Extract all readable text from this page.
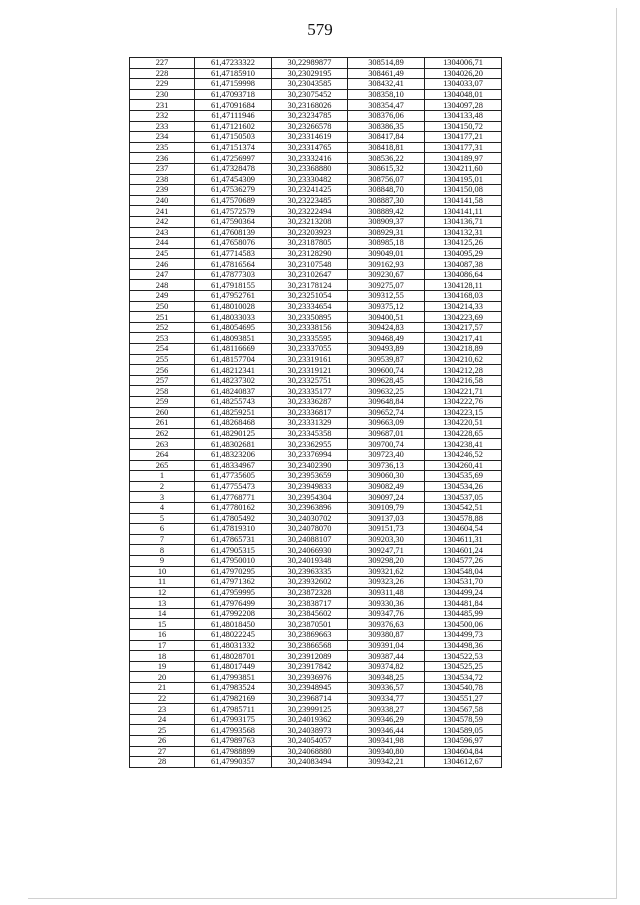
579
227	61,47233322	30,22989877	308514,89	1304006,71
228	61,47185910	30,23029195	308461,49	1304026,20
229	61,47159998	30,23043585	308432,41	1304033,07
230	61,47093718	30,23075452	308358,10	1304048,01
231	61,47091684	30,23168026	308354,47	1304097,28
232	61,47111946	30,23234785	308376,06	1304133,48
233	61,47121602	30,23266578	308386,35	1304150,72
234	61,47150503	30,23314619	308417,84	1304177,21
235	61,47151374	30,23314765	308418,81	1304177,31
236	61,47256997	30,23332416	308536,22	1304189,97
237	61,47328478	30,23368880	308615,32	1304211,60
238	61,47454309	30,23330482	308756,07	1304195,01
239	61,47536279	30,23241425	308848,70	1304150,08
240	61,47570689	30,23223485	308887,30	1304141,58
241	61,47572579	30,23222494	308889,42	1304141,11
242	61,47590364	30,23213208	308909,37	1304136,71
243	61,47608139	30,23203923	308929,31	1304132,31
244	61,47658076	30,23187805	308985,18	1304125,26
245	61,47714583	30,23128290	309049,01	1304095,29
246	61,47816564	30,23107548	309162,93	1304087,38
247	61,47877303	30,23102647	309230,67	1304086,64
248	61,47918155	30,23178124	309275,07	1304128,11
249	61,47952761	30,23251054	309312,55	1304168,03
250	61,48010028	30,23334654	309375,12	1304214,33
251	61,48033033	30,23350895	309400,51	1304223,69
252	61,48054695	30,23338156	309424,83	1304217,57
253	61,48093851	30,23335595	309468,49	1304217,41
254	61,48116669	30,23337055	309493,89	1304218,89
255	61,48157704	30,23319161	309539,87	1304210,62
256	61,48212341	30,23319121	309600,74	1304212,28
257	61,48237302	30,23325751	309628,45	1304216,58
258	61,48240837	30,23335177	309632,25	1304221,71
259	61,48255743	30,23336287	309648,84	1304222,76
260	61,48259251	30,23336817	309652,74	1304223,15
261	61,48268468	30,23331329	309663,09	1304220,51
262	61,48290125	30,23345358	309687,01	1304228,65
263	61,48302681	30,23362955	309700,74	1304238,41
264	61,48323206	30,23376994	309723,40	1304246,52
265	61,48334967	30,23402390	309736,13	1304260,41
1	61,47735605	30,23953659	309060,30	1304535,69
2	61,47755473	30,23949833	309082,49	1304534,26
3	61,47768771	30,23954304	309097,24	1304537,05
4	61,47780162	30,23963896	309109,79	1304542,51
5	61,47805492	30,24030702	309137,03	1304578,88
6	61,47819310	30,24078070	309151,73	1304604,54
7	61,47865731	30,24088107	309203,30	1304611,31
8	61,47905315	30,24066930	309247,71	1304601,24
9	61,47950010	30,24019348	309298,20	1304577,26
10	61,47970295	30,23963335	309321,62	1304548,04
11	61,47971362	30,23932602	309323,26	1304531,70
12	61,47959995	30,23872328	309311,48	1304499,24
13	61,47976499	30,23838717	309330,36	1304481,84
14	61,47992208	30,23845602	309347,76	1304485,99
15	61,48018450	30,23870501	309376,63	1304500,06
16	61,48022245	30,23869663	309380,87	1304499,73
17	61,48031332	30,23866568	309391,04	1304498,36
18	61,48028701	30,23912089	309387,44	1304522,53
19	61,48017449	30,23917842	309374,82	1304525,25
20	61,47993851	30,23936976	309348,25	1304534,72
21	61,47983524	30,23948945	309336,57	1304540,78
22	61,47982169	30,23968714	309334,77	1304551,27
23	61,47985711	30,23999125	309338,27	1304567,58
24	61,47993175	30,24019362	309346,29	1304578,59
25	61,47993568	30,24038973	309346,44	1304589,05
26	61,47989763	30,24054057	309341,98	1304596,97
27	61,47988899	30,24068880	309340,80	1304604,84
28	61,47990357	30,24083494	309342,21	1304612,67
